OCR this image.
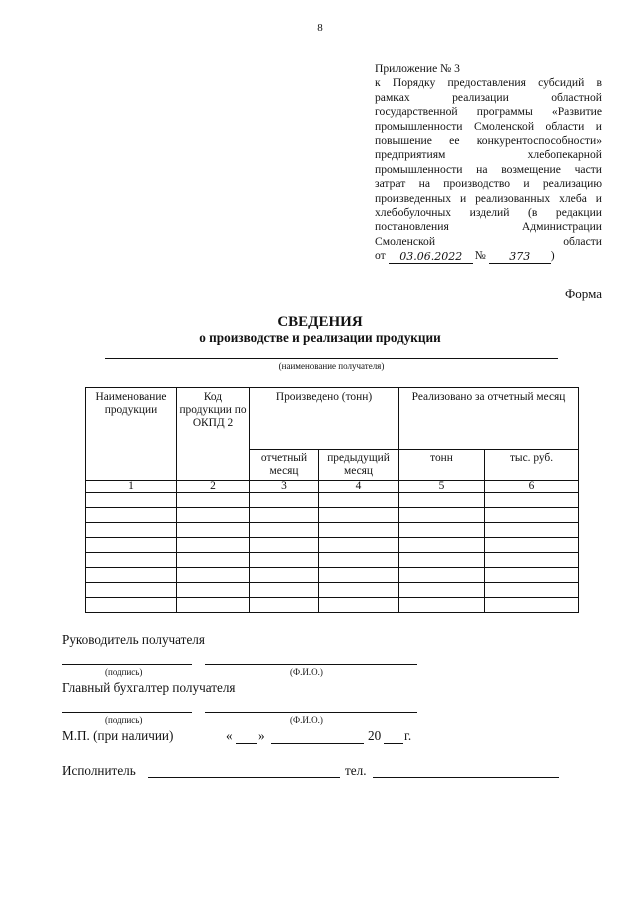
8
Приложение № 3
к Порядку предоставления субсидий в
рамках реализации областной
государственной программы «Развитие
промышленности Смоленской области и
повышение ее конкурентоспособности»
предприятиям хлебопекарной
промышленности на возмещение части
затрат на производство и реализацию
произведенных и реализованных хлеба и
хлебобулочных изделий (в редакции
постановления Администрации
Смоленской области
от	03.06.2022	№	373	)
Форма
СВЕДЕНИЯ
о производстве и реализации продукции
(наименование получателя)
Наименование продукции	Код продукции по ОКПД 2	Произведено (тонн)		Реализовано за отчетный месяц	
		отчетный месяц	предыдущий месяц	тонн	тыс. руб.
1	2	3	4	5	6

Руководитель получателя
(подпись)	(Ф.И.О.)
Главный бухгалтер получателя
(подпись)	(Ф.И.О.)
М.П. (при наличии)	« »	20 г.
Исполнитель	тел.
